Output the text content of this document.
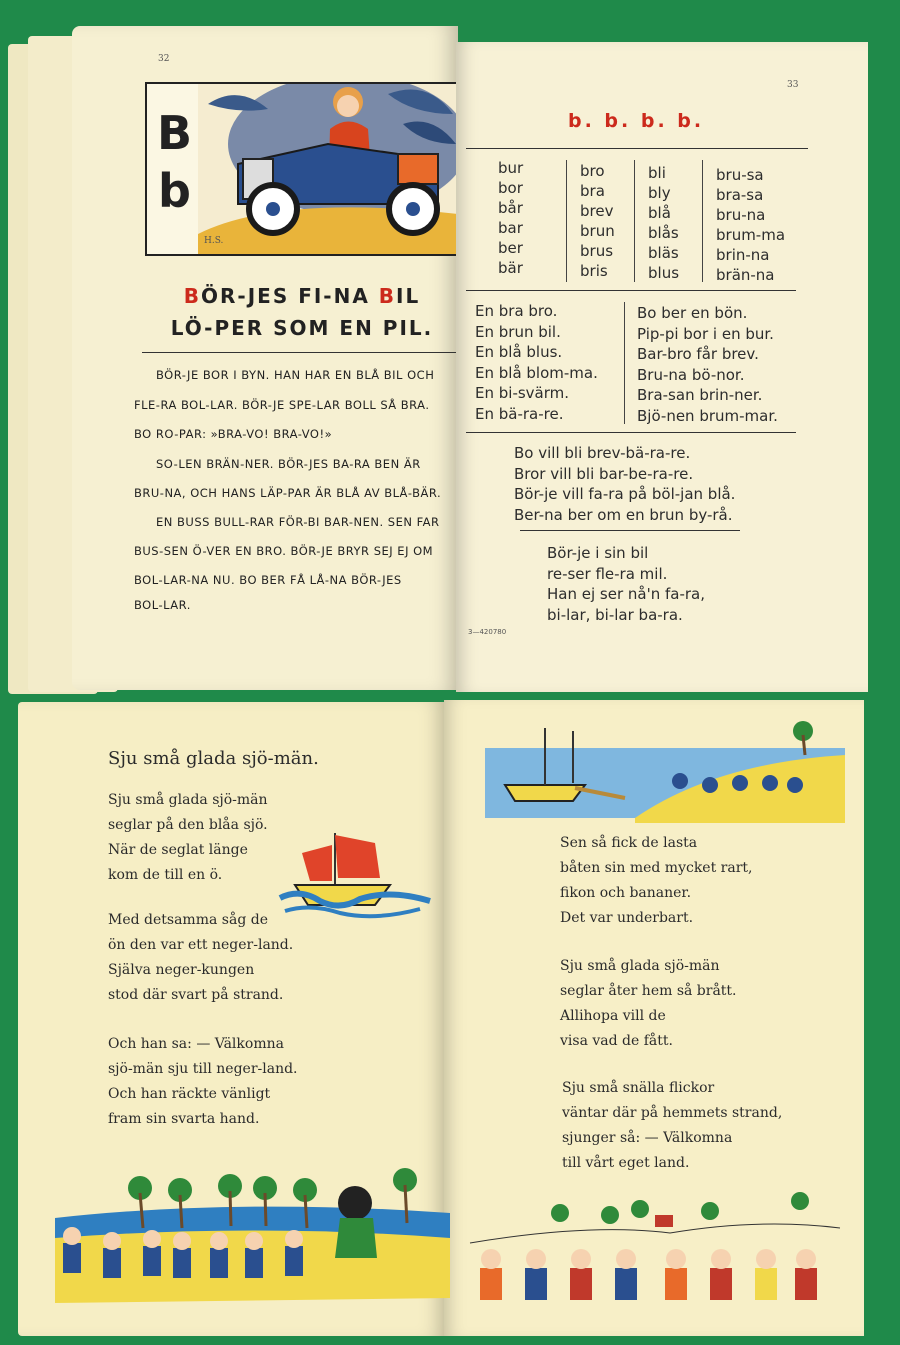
32
B
b
H.S.
BÖR-JES FI-NA BIL
LÖ-PER SOM EN PIL.
BÖR-JE BOR I BYN. HAN HAR EN BLÅ BIL OCH
FLE-RA BOL-LAR. BÖR-JE SPE-LAR BOLL SÅ BRA.
BO RO-PAR: »BRA-VO! BRA-VO!»
SO-LEN BRÄN-NER. BÖR-JES BA-RA BEN ÄR
BRU-NA, OCH HANS LÄP-PAR ÄR BLÅ AV BLÅ-BÄR.
EN BUSS BULL-RAR FÖR-BI BAR-NEN. SEN FAR
BUS-SEN Ö-VER EN BRO. BÖR-JE BRYR SEJ EJ OM
BOL-LAR-NA NU. BO BER FÅ LÅ-NA BÖR-JES
BOL-LAR.
33
b. b. b. b.
bur
bor
bår
bar
ber
bär
bro
bra
brev
brun
brus
bris
bli
bly
blå
blås
bläs
blus
bru-sa
bra-sa
bru-na
brum-ma
brin-na
brän-na
En bra bro.
En brun bil.
En blå blus.
En blå blom-ma.
En bi-svärm.
En bä-ra-re.
Bo ber en bön.
Pip-pi bor i en bur.
Bar-bro får brev.
Bru-na bö-nor.
Bra-san brin-ner.
Bjö-nen brum-mar.
Bo vill bli brev-bä-ra-re.
Bror vill bli bar-be-ra-re.
Bör-je vill fa-ra på böl-jan blå.
Ber-na ber om en brun by-rå.
Bör-je i sin bil
re-ser fle-ra mil.
Han ej ser nå'n fa-ra,
bi-lar, bi-lar ba-ra.
3—420780
Sju små glada sjö-män.
Sju små glada sjö-män
seglar på den blåa sjö.
När de seglat länge
kom de till en ö.
Med detsamma såg de
ön den var ett neger-land.
Själva neger-kungen
stod där svart på strand.
Och han sa: — Välkomna
sjö-män sju till neger-land.
Och han räckte vänligt
fram sin svarta hand.
Sen så fick de lasta
båten sin med mycket rart,
fikon och bananer.
Det var underbart.
Sju små glada sjö-män
seglar åter hem så brått.
Allihopa vill de
visa vad de fått.
Sju små snälla flickor
väntar där på hemmets strand,
sjunger så: — Välkomna
till vårt eget land.
